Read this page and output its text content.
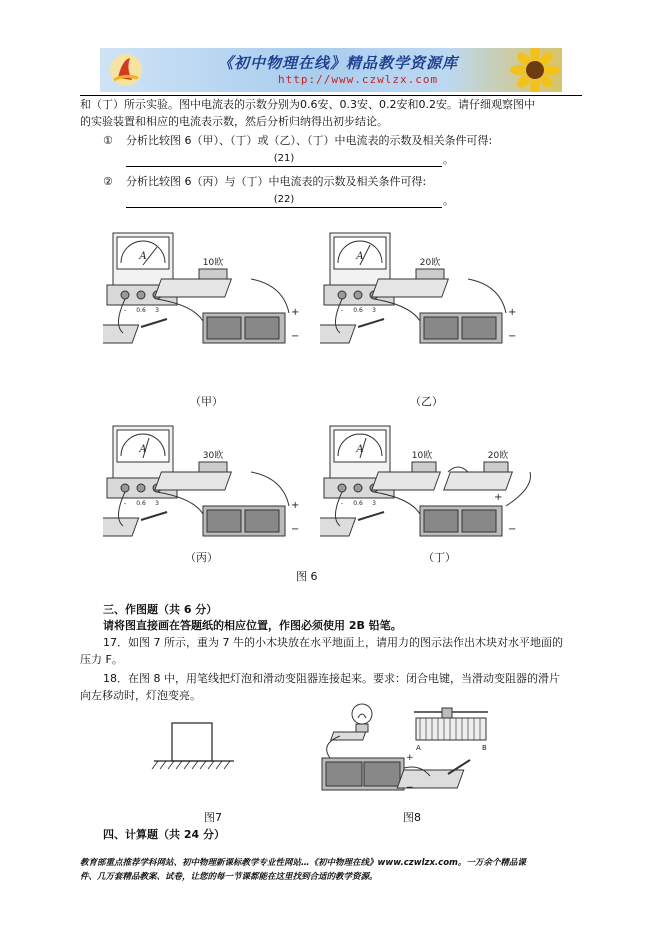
《初中物理在线》精品教学资源库
http://www.czwlzx.com
和（丁）所示实验。图中电流表的示数分别为0.6安、0.3安、0.2安和0.2安。请仔细观察图中
的实验装置和相应的电流表示数，然后分析归纳得出初步结论。
① 分析比较图 6（甲）、（丁）或（乙）、（丁）中电流表的示数及相关条件可得:
(21)	。
② 分析比较图 6（丙）与（丁）中电流表的示数及相关条件可得:
(22)	。
A
- 0.6 3
10欧
+
−
（甲）
A
- 0.6 3
20欧
+
−
（乙）
A
- 0.6 3
30欧
+
−
（丙）
A
- 0.6 3
10欧	20欧
+
−
（丁）
图 6
三、作图题（共 6 分）
请将图直接画在答题纸的相应位置，作图必须使用 2B 铅笔。
17．如图 7 所示，重为 7 牛的小木块放在水平地面上，请用力的图示法作出木块对水平地面的
压力 F。
18．在图 8 中，用笔线把灯泡和滑动变阻器连接起来。要求：闭合电键，当滑动变阻器的滑片
向左移动时，灯泡变亮。
图7
A	B
+
−
图8
四、计算题（共 24 分）
教育部重点推荐学科网站、初中物理新课标教学专业性网站…《初中物理在线》www.czwlzx.com。一万余个精品课
件、几万套精品教案、试卷，让您的每一节课都能在这里找到合适的教学资源。
